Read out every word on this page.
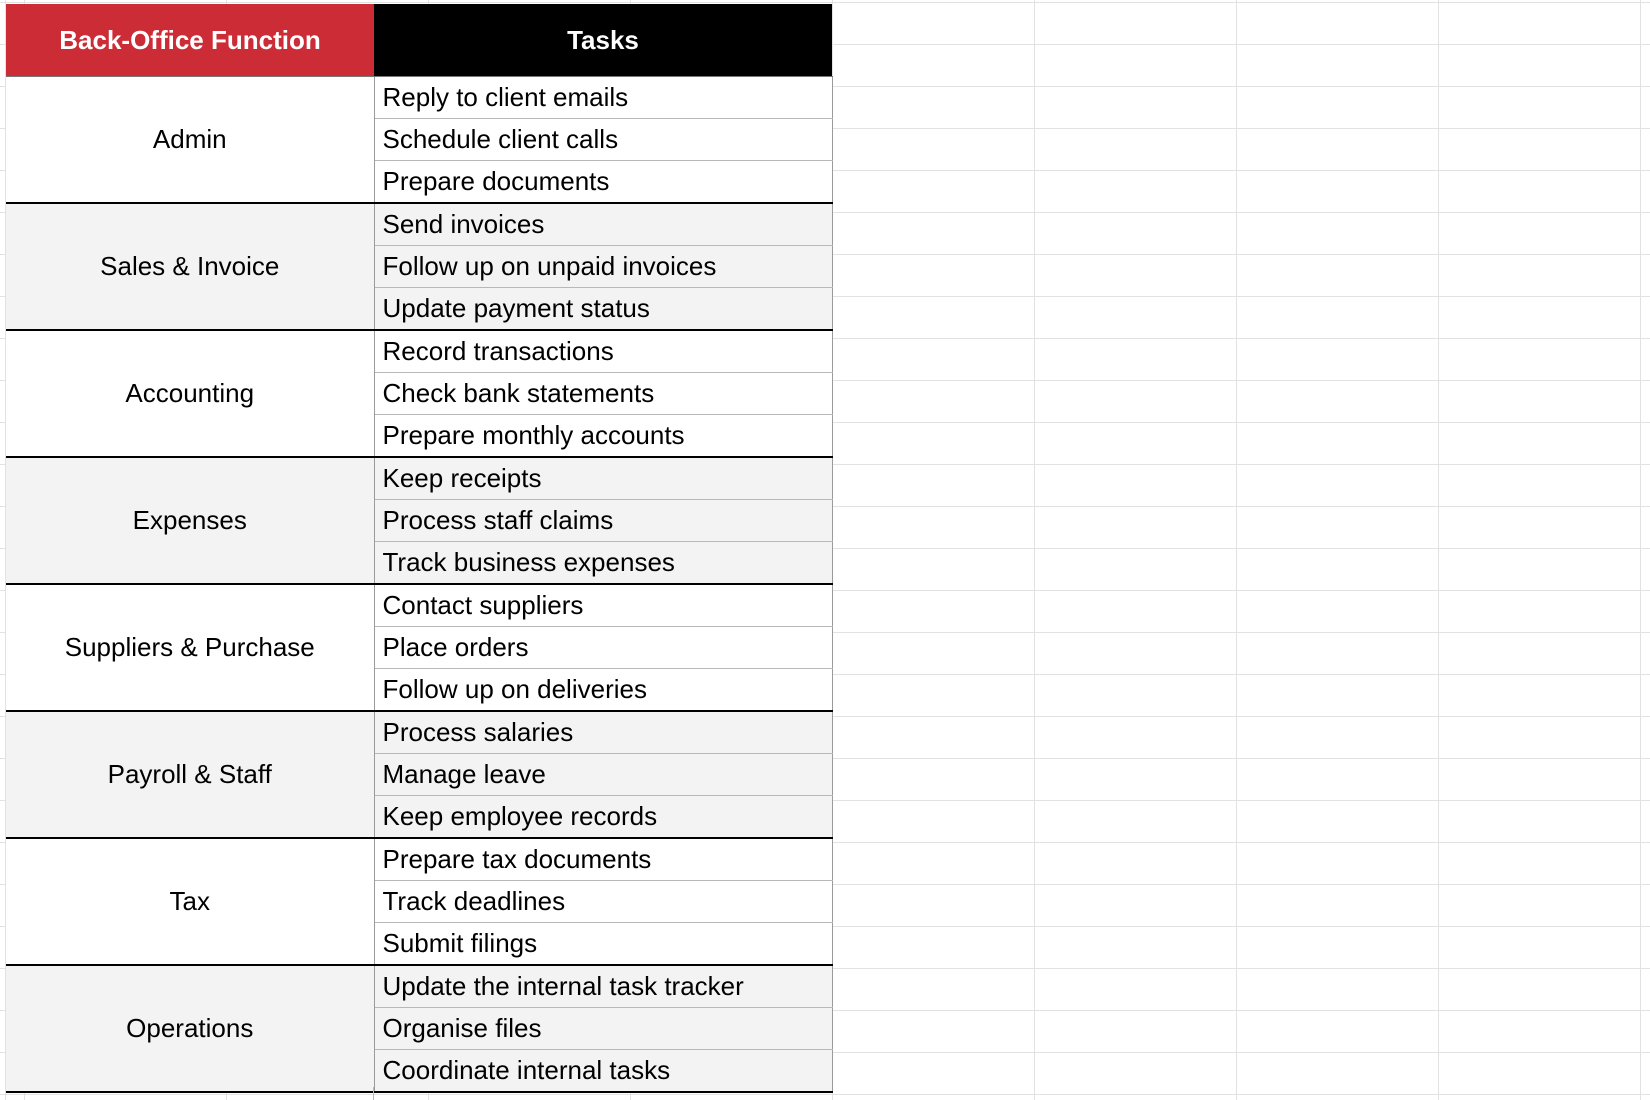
Back-Office Function	Tasks
Admin	Reply to client emails
	Schedule client calls
	Prepare documents
Sales & Invoice	Send invoices
	Follow up on unpaid invoices
	Update payment status
Accounting	Record transactions
	Check bank statements
	Prepare monthly accounts
Expenses	Keep receipts
	Process staff claims
	Track business expenses
Suppliers & Purchase	Contact suppliers
	Place orders
	Follow up on deliveries
Payroll & Staff	Process salaries
	Manage leave
	Keep employee records
Tax	Prepare tax documents
	Track deadlines
	Submit filings
Operations	Update the internal task tracker
	Organise files
	Coordinate internal tasks
